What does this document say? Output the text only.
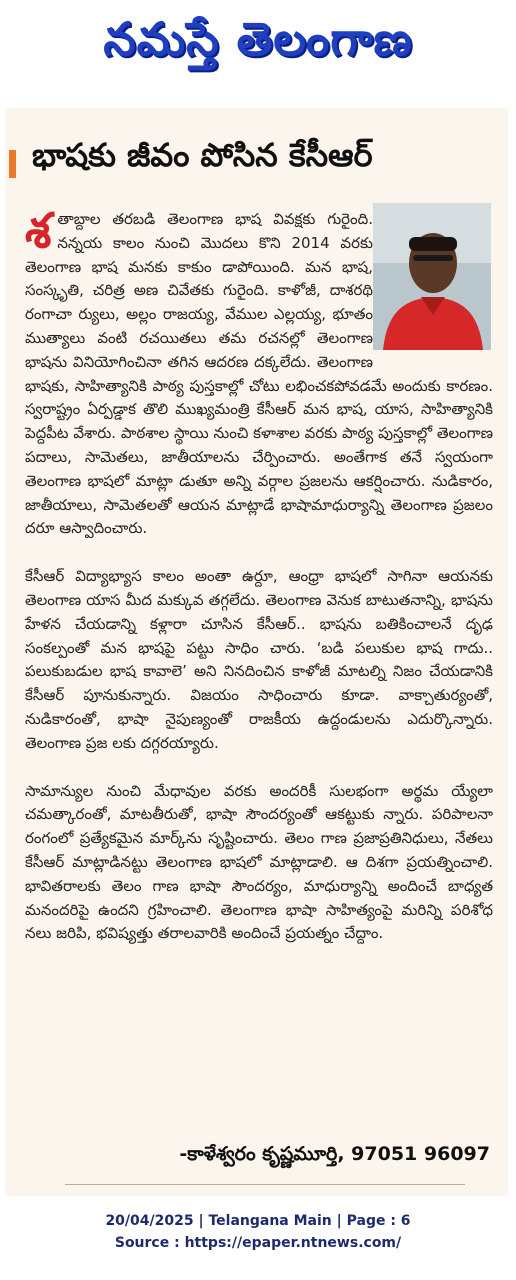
నమస్తే తెలంగాణ
భాషకు జీవం పోసిన కేసీఆర్

శ తాబ్దాల తరబడి తెలంగాణ భాష వివక్షకు గురైంది. నన్నయ కాలం నుంచి మొదలు కొని 2014 వరకు తెలంగాణ భాష మనకు కాకుం డాపోయింది. మన భాష, సంస్కృతి, చరిత్ర అణ చివేతకు గురైంది. కాళోజీ, దాశరథి రంగాచా ర్యులు, అల్లం రాజయ్య, వేముల ఎల్లయ్య, భూతం ముత్యాలు వంటి రచయితలు తమ రచనల్లో తెలంగాణ భాషను వినియోగించినా తగిన ఆదరణ దక్కలేదు. తెలంగాణ భాషకు, సాహిత్యానికి పాఠ్య పుస్తకాల్లో చోటు లభించకపోవడమే అందుకు కారణం. స్వరాష్ట్రం ఏర్పడ్డాక తొలి ముఖ్యమంత్రి కేసీఆర్ మన భాష, యాస, సాహిత్యానికి పెద్దపీట వేశారు. పాఠశాల స్థాయి నుంచి కళాశాల వరకు పాఠ్య పుస్తకాల్లో తెలంగాణ పదాలు, సామెతలు, జాతీయాలను చేర్పించారు. అంతేగాక తనే స్వయంగా తెలంగాణ భాషలో మాట్లా డుతూ అన్ని వర్గాల ప్రజలను ఆకర్షించారు. నుడికారం, జాతీయాలు, సామెతలతో ఆయన మాట్లాడే భాషామాధుర్యాన్ని తెలంగాణ ప్రజలం దరూ ఆస్వాదించారు.

కేసీఆర్ విద్యాభ్యాస కాలం అంతా ఉర్దూ, ఆంధ్రా భాషలో సాగినా ఆయనకు తెలంగాణ యాస మీద మక్కువ తగ్గలేదు. తెలంగాణ వెనుక బాటుతనాన్ని, భాషను హేళన చేయడాన్ని కళ్లారా చూసిన కేసీఆర్.. భాషను బతికించాలనే దృఢ సంకల్పంతో మన భాషపై పట్టు సాధిం చారు. ‘బడి పలుకుల భాష గాదు.. పలుకుబడుల భాష కావాలె’ అని నినదించిన కాళోజీ మాటల్ని నిజం చేయడానికి కేసీఆర్ పూనుకున్నారు. విజయం సాధించారు కూడా. వాక్చాతుర్యంతో, నుడికారంతో, భాషా నైపుణ్యంతో రాజకీయ ఉద్దండులను ఎదుర్కొన్నారు. తెలంగాణ ప్రజ లకు దగ్గరయ్యారు.

సామాన్యుల నుంచి మేధావుల వరకు అందరికీ సులభంగా అర్థమ య్యేలా చమత్కారంతో, మాటతీరుతో, భాషా సౌందర్యంతో ఆకట్టుకు న్నారు. పరిపాలనా రంగంలో ప్రత్యేకమైన మార్క్‌ను సృష్టించారు. తెలం గాణ ప్రజాప్రతినిధులు, నేతలు కేసీఆర్ మాట్లాడినట్టు తెలంగాణ భాషలో మాట్లాడాలి. ఆ దిశగా ప్రయత్నించాలి. భావితరాలకు తెలం గాణ భాషా సౌందర్యం, మాధుర్యాన్ని అందించే బాధ్యత మనందరిపై ఉందని గ్రహించాలి. తెలంగాణ భాషా సాహిత్యంపై మరిన్ని పరిశోధ నలు జరిపి, భవిష్యత్తు తరాలవారికి అందించే ప్రయత్నం చేద్దాం.

-కాళేశ్వరం కృష్ణమూర్తి, 97051 96097
20/04/2025 | Telangana Main | Page : 6
Source : https://epaper.ntnews.com/
